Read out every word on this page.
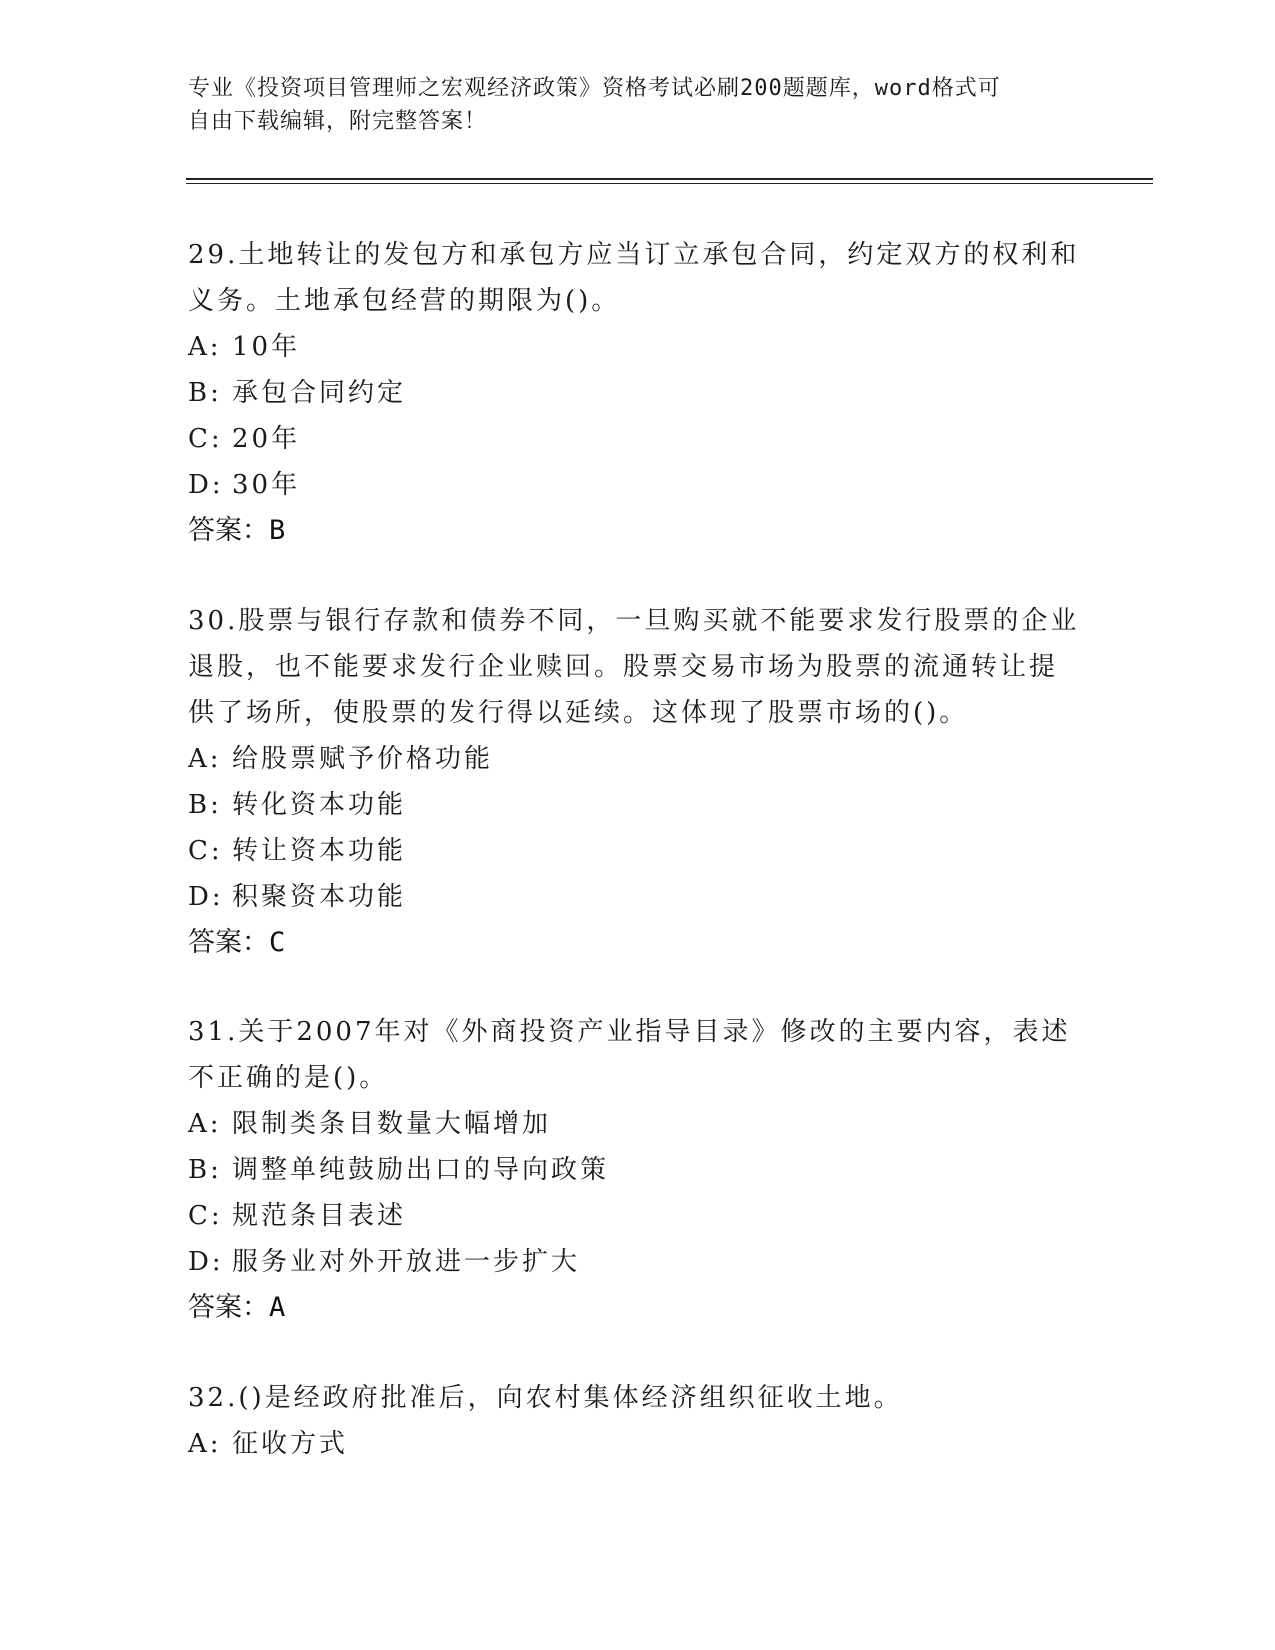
专业《投资项目管理师之宏观经济政策》资格考试必刷200题题库，word格式可
自由下载编辑，附完整答案！

29.土地转让的发包方和承包方应当订立承包合同，约定双方的权利和

义务。土地承包经营的期限为()。

A: 10年

B: 承包合同约定

C: 20年

D: 30年

答案：B

30.股票与银行存款和债券不同，一旦购买就不能要求发行股票的企业

退股，也不能要求发行企业赎回。股票交易市场为股票的流通转让提

供了场所，使股票的发行得以延续。这体现了股票市场的()。

A: 给股票赋予价格功能

B: 转化资本功能

C: 转让资本功能

D: 积聚资本功能

答案：C

31.关于2007年对《外商投资产业指导目录》修改的主要内容，表述

不正确的是()。

A: 限制类条目数量大幅增加

B: 调整单纯鼓励出口的导向政策

C: 规范条目表述

D: 服务业对外开放进一步扩大

答案：A

32.()是经政府批准后，向农村集体经济组织征收土地。

A: 征收方式
